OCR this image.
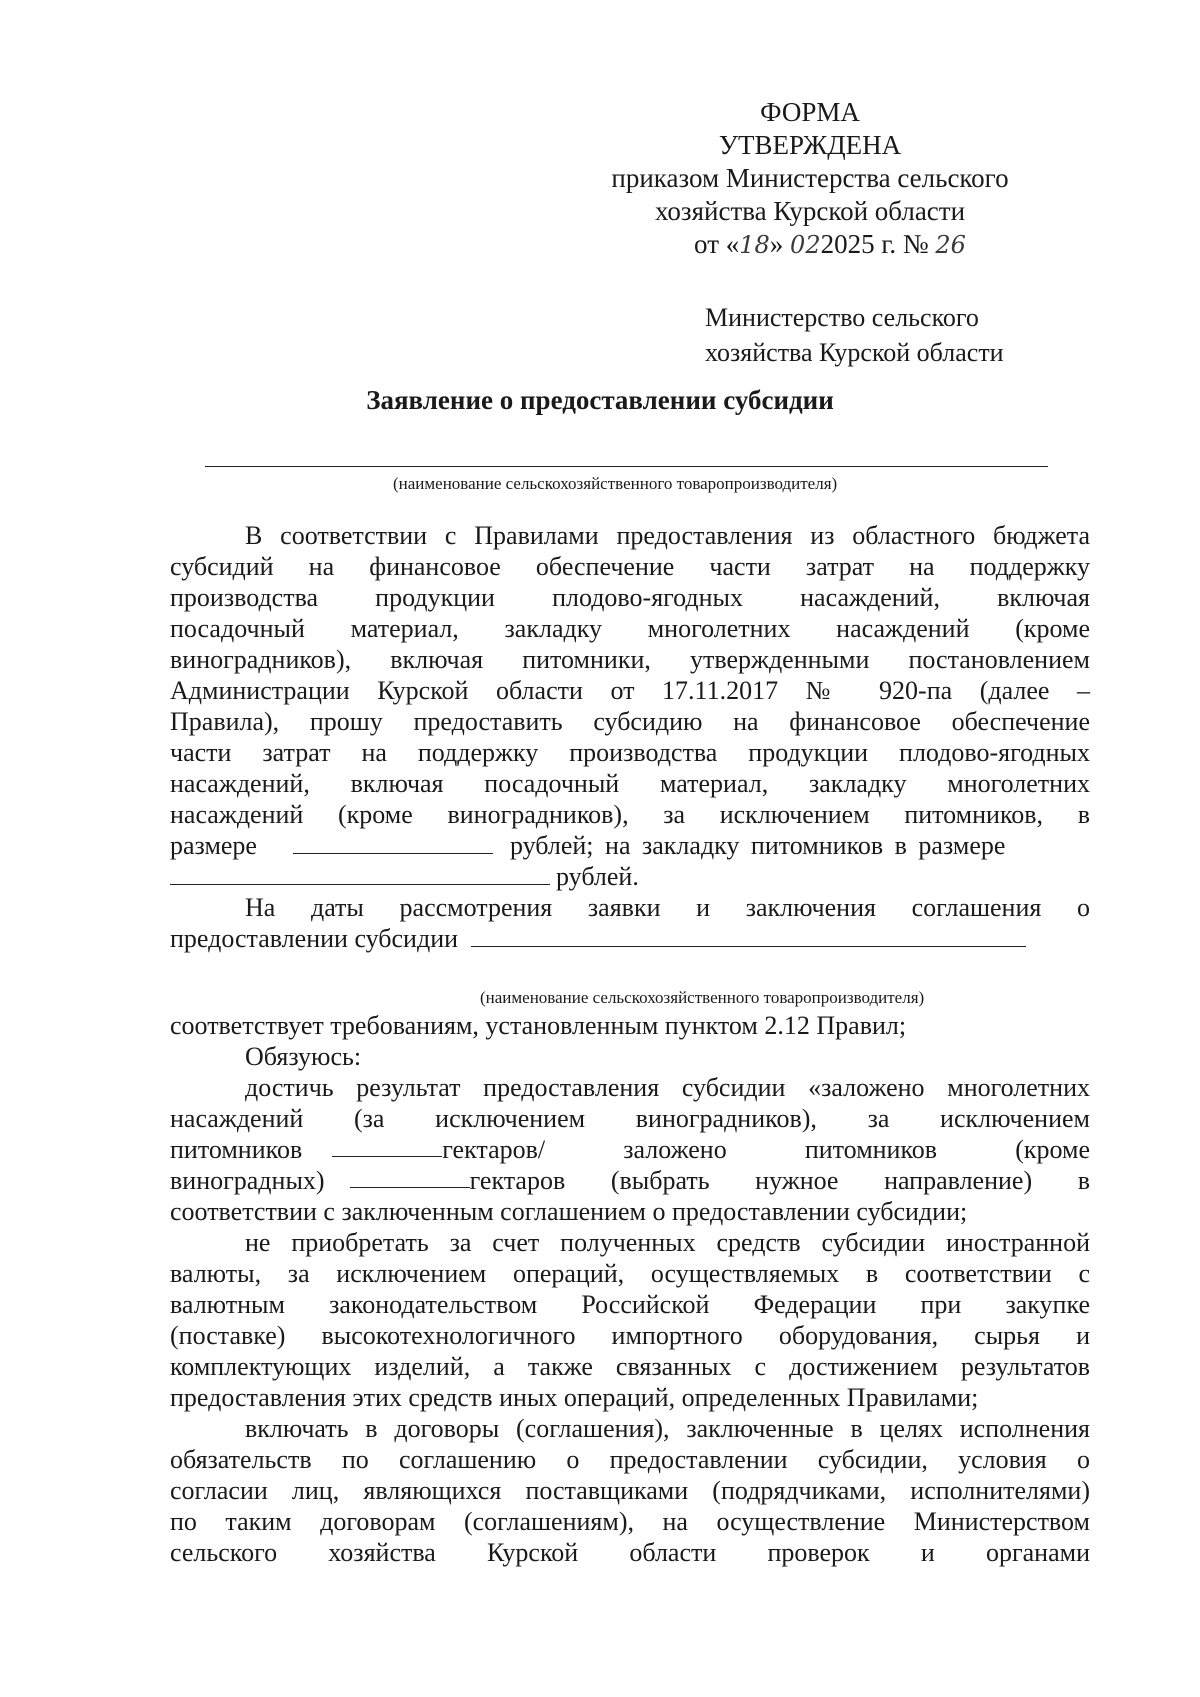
ФОРМА
УТВЕРЖДЕНА
приказом Министерства сельского
хозяйства Курской области
от «18» 022025 г. № 26
Министерство сельского
хозяйства Курской области
Заявление о предоставлении субсидии
(наименование сельскохозяйственного товаропроизводителя)
В соответствии с Правилами предоставления из областного бюджета
субсидий на финансовое обеспечение части затрат на поддержку
производства продукции плодово-ягодных насаждений, включая
посадочный материал, закладку многолетних насаждений (кроме
виноградников), включая питомники, утвержденными постановлением
Администрации Курской области от 17.11.2017 № 920-па (далее –
Правила), прошу предоставить субсидию на финансовое обеспечение
части затрат на поддержку производства продукции плодово-ягодных
насаждений, включая посадочный материал, закладку многолетних
насаждений (кроме виноградников), за исключением питомников, в
размере	рублей; на закладку питомников в размере
рублей.
На даты рассмотрения заявки и заключения соглашения о
предоставлении субсидии
(наименование сельскохозяйственного товаропроизводителя)
соответствует требованиям, установленным пунктом 2.12 Правил;
Обязуюсь:
достичь результат предоставления субсидии «заложено многолетних
насаждений (за исключением виноградников), за исключением
питомников	гектаров/ заложено питомников (кроме
виноградных)	гектаров (выбрать нужное направление) в
соответствии с заключенным соглашением о предоставлении субсидии;
не приобретать за счет полученных средств субсидии иностранной
валюты, за исключением операций, осуществляемых в соответствии с
валютным законодательством Российской Федерации при закупке
(поставке) высокотехнологичного импортного оборудования, сырья и
комплектующих изделий, а также связанных с достижением результатов
предоставления этих средств иных операций, определенных Правилами;
включать в договоры (соглашения), заключенные в целях исполнения
обязательств по соглашению о предоставлении субсидии, условия о
согласии лиц, являющихся поставщиками (подрядчиками, исполнителями)
по таким договорам (соглашениям), на осуществление Министерством
сельского хозяйства Курской области проверок и органами
